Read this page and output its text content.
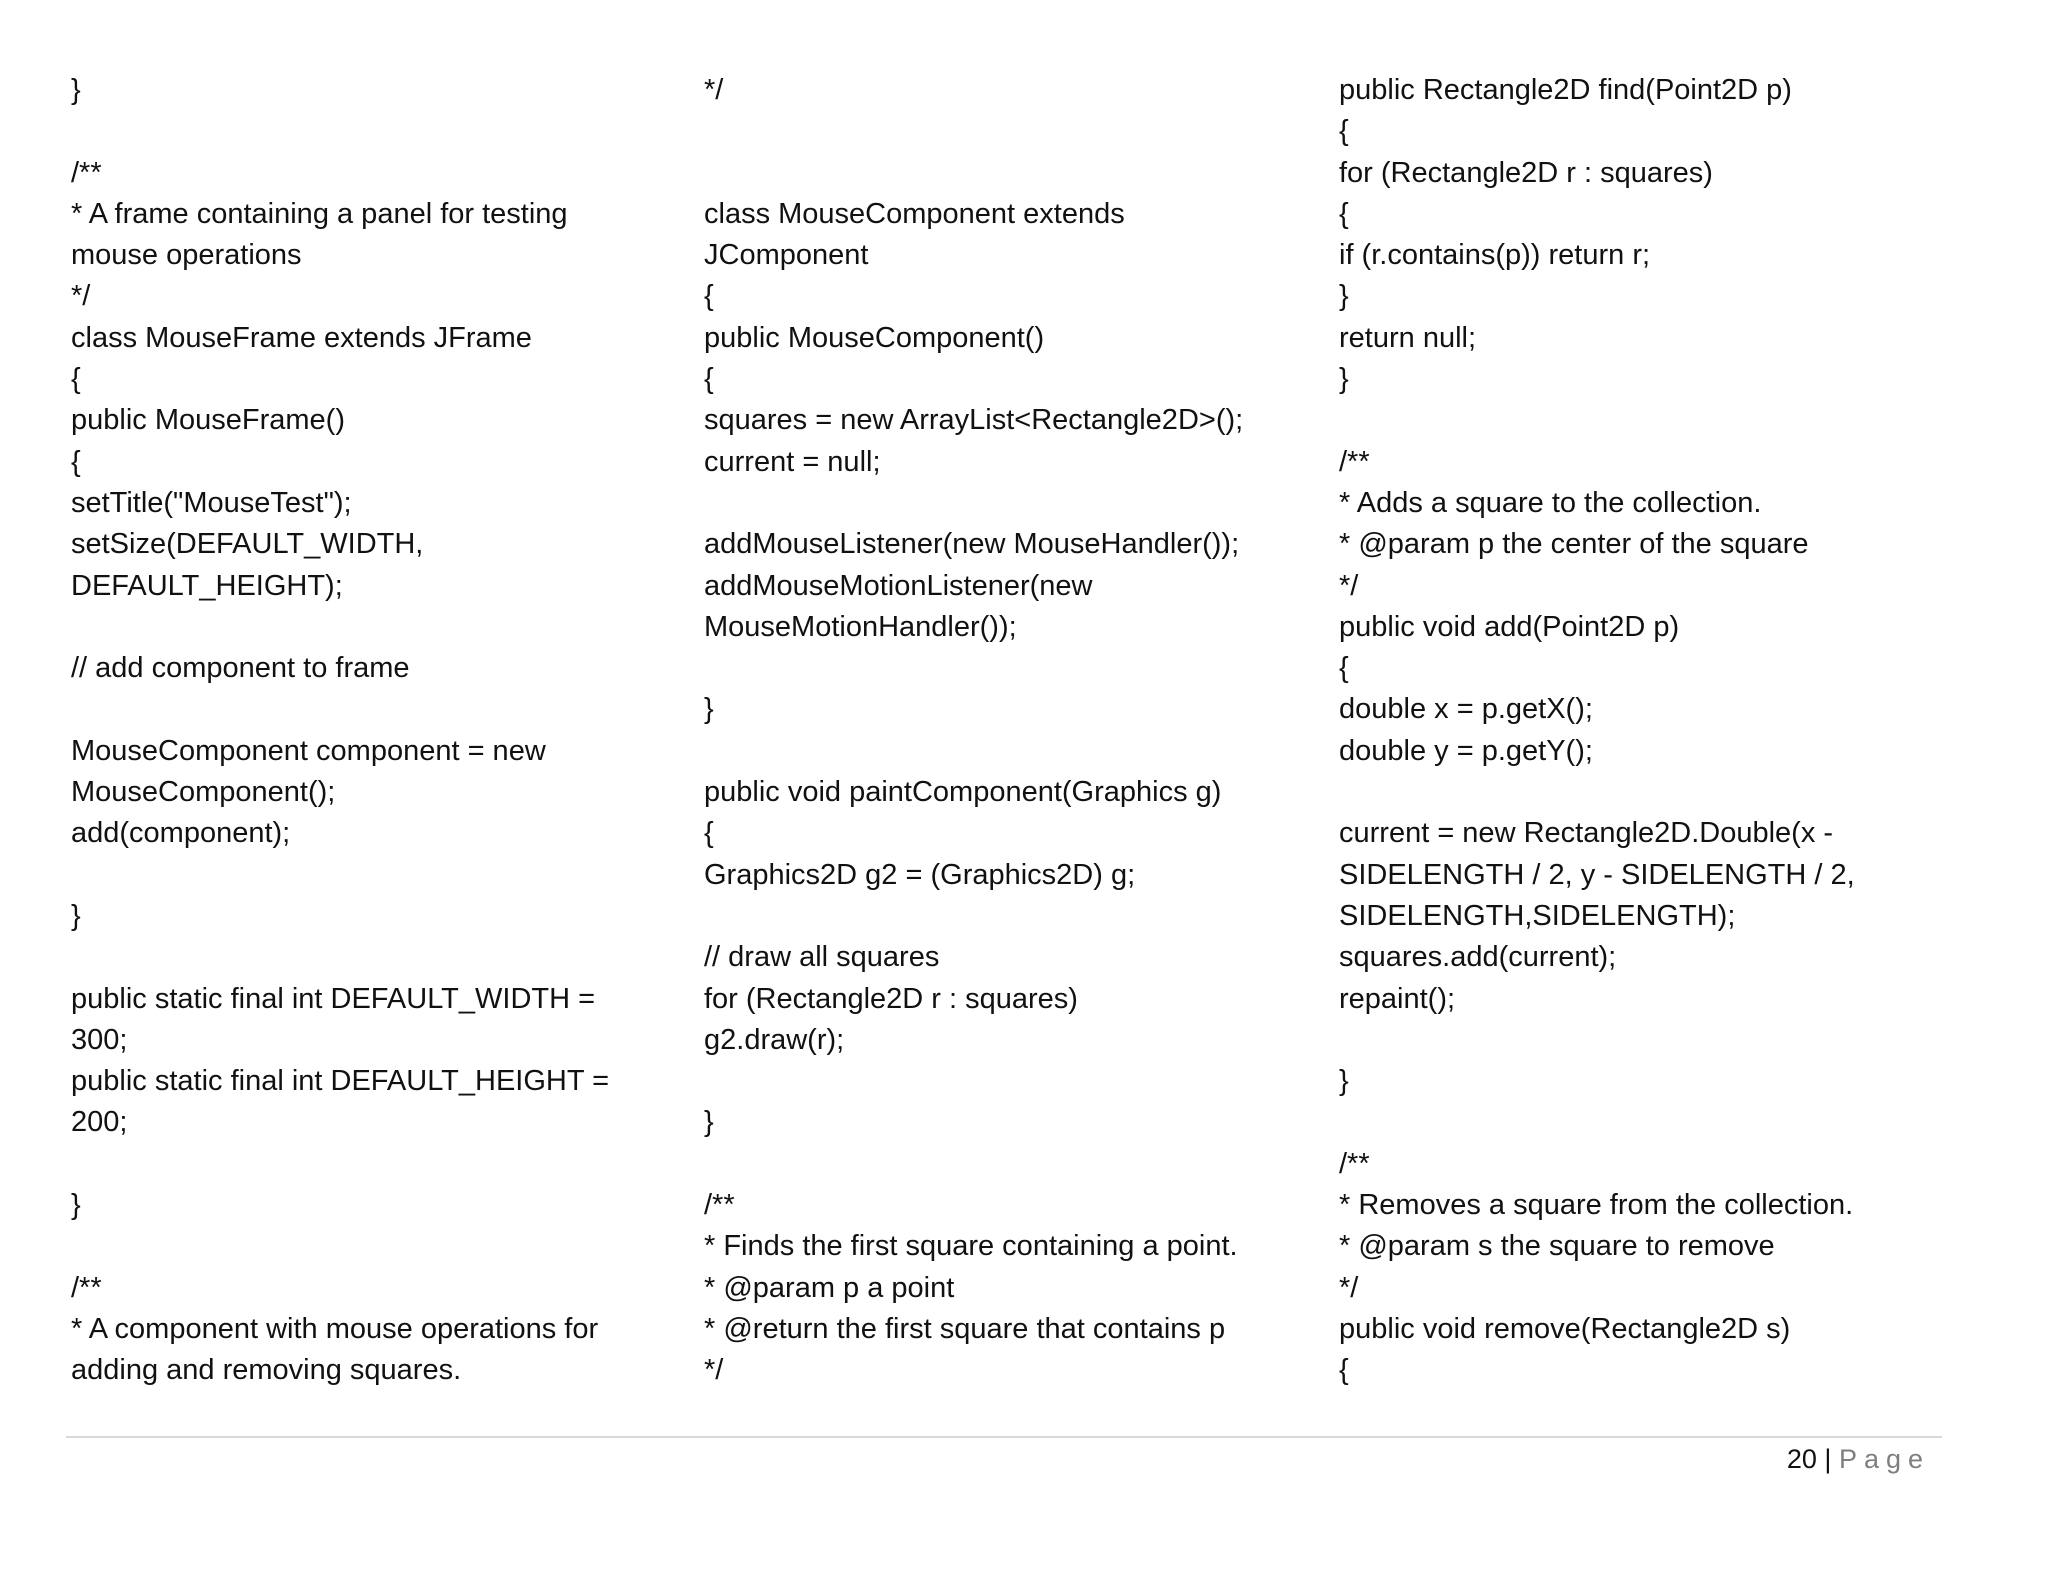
}
/**
* A frame containing a panel for testing
mouse operations
*/
class MouseFrame extends JFrame
{
public MouseFrame()
{
setTitle("MouseTest");
setSize(DEFAULT_WIDTH,
DEFAULT_HEIGHT);
// add component to frame
MouseComponent component = new
MouseComponent();
add(component);
}
public static final int DEFAULT_WIDTH =
300;
public static final int DEFAULT_HEIGHT =
200;
}
/**
* A component with mouse operations for
adding and removing squares.
*/
class MouseComponent extends
JComponent
{
public MouseComponent()
{
squares = new ArrayList<Rectangle2D>();
current = null;
addMouseListener(new MouseHandler());
addMouseMotionListener(new
MouseMotionHandler());
}
public void paintComponent(Graphics g)
{
Graphics2D g2 = (Graphics2D) g;
// draw all squares
for (Rectangle2D r : squares)
g2.draw(r);
}
/**
* Finds the first square containing a point.
* @param p a point
* @return the first square that contains p
*/
public Rectangle2D find(Point2D p)
{
for (Rectangle2D r : squares)
{
if (r.contains(p)) return r;
}
return null;
}
/**
* Adds a square to the collection.
* @param p the center of the square
*/
public void add(Point2D p)
{
double x = p.getX();
double y = p.getY();
current = new Rectangle2D.Double(x -
SIDELENGTH / 2, y - SIDELENGTH / 2,
SIDELENGTH,SIDELENGTH);
squares.add(current);
repaint();
}
/**
* Removes a square from the collection.
* @param s the square to remove
*/
public void remove(Rectangle2D s)
{
20 | Page
